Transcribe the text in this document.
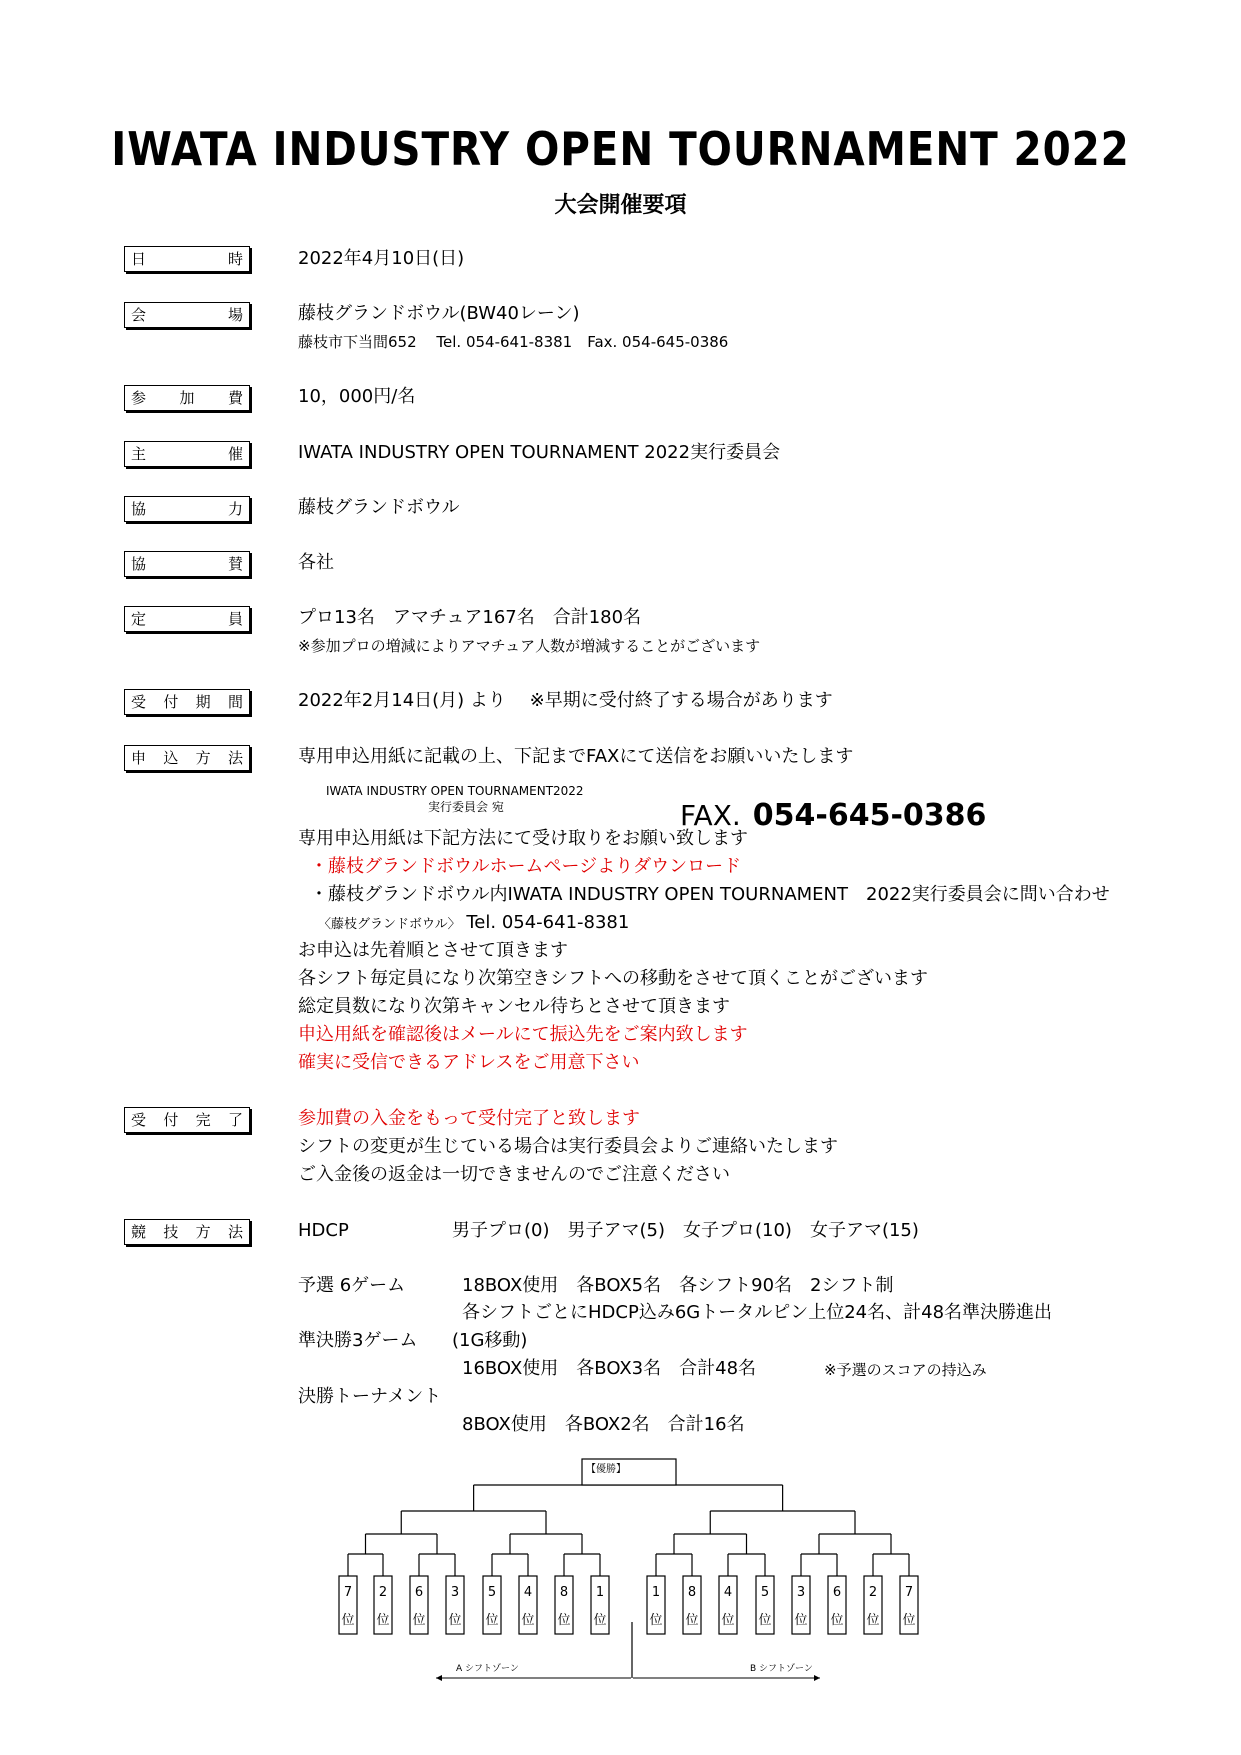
IWATA INDUSTRY OPEN TOURNAMENT 2022
大会開催要項
日	時	2022年4月10日(日)
会	場	藤枝グランドボウル(BW40レーン)
藤枝市下当間652　 Tel. 054-641-8381　Fax. 054-645-0386
参 加 費	10，000円/名
主	催	IWATA INDUSTRY OPEN TOURNAMENT 2022実行委員会
協	力	藤枝グランドボウル
協	賛	各社
定	員	プロ13名　アマチュア167名　合計180名
※参加プロの増減によりアマチュア人数が増減することがございます
受 付 期 間	2022年2月14日(月) より　 ※早期に受付終了する場合があります
申 込 方 法	専用申込用紙に記載の上、下記までFAXにて送信をお願いいたします
IWATA INDUSTRY OPEN TOURNAMENT2022
実行委員会 宛	FAX. 054-645-0386
専用申込用紙は下記方法にて受け取りをお願い致します
・藤枝グランドボウルホームページよりダウンロード
・藤枝グランドボウル内IWATA INDUSTRY OPEN TOURNAMENT　2022実行委員会に問い合わせ
〈藤枝グランドボウル〉 Tel. 054-641-8381
お申込は先着順とさせて頂きます
各シフト毎定員になり次第空きシフトへの移動をさせて頂くことがございます
総定員数になり次第キャンセル待ちとさせて頂きます
申込用紙を確認後はメールにて振込先をご案内致します
確実に受信できるアドレスをご用意下さい
受 付 完 了	参加費の入金をもって受付完了と致します
シフトの変更が生じている場合は実行委員会よりご連絡いたします
ご入金後の返金は一切できませんのでご注意ください
競 技 方 法	HDCP	男子プロ(0)　男子アマ(5)　女子プロ(10)　女子アマ(15)
予選 6ゲーム	18BOX使用　各BOX5名　各シフト90名　2シフト制
各シフトごとにHDCP込み6Gトータルピン上位24名、計48名準決勝進出
準決勝3ゲーム (1G移動)
16BOX使用　各BOX3名　合計48名	※予選のスコアの持込み
決勝トーナメント
8BOX使用　各BOX2名　合計16名
【優勝】
7
位
2
位
6
位
3
位
5
位
4
位
8
位
1
位
1
位
8
位
4
位
5
位
3
位
6
位
2
位
7
位
A シフトゾーン	B シフトゾーン
